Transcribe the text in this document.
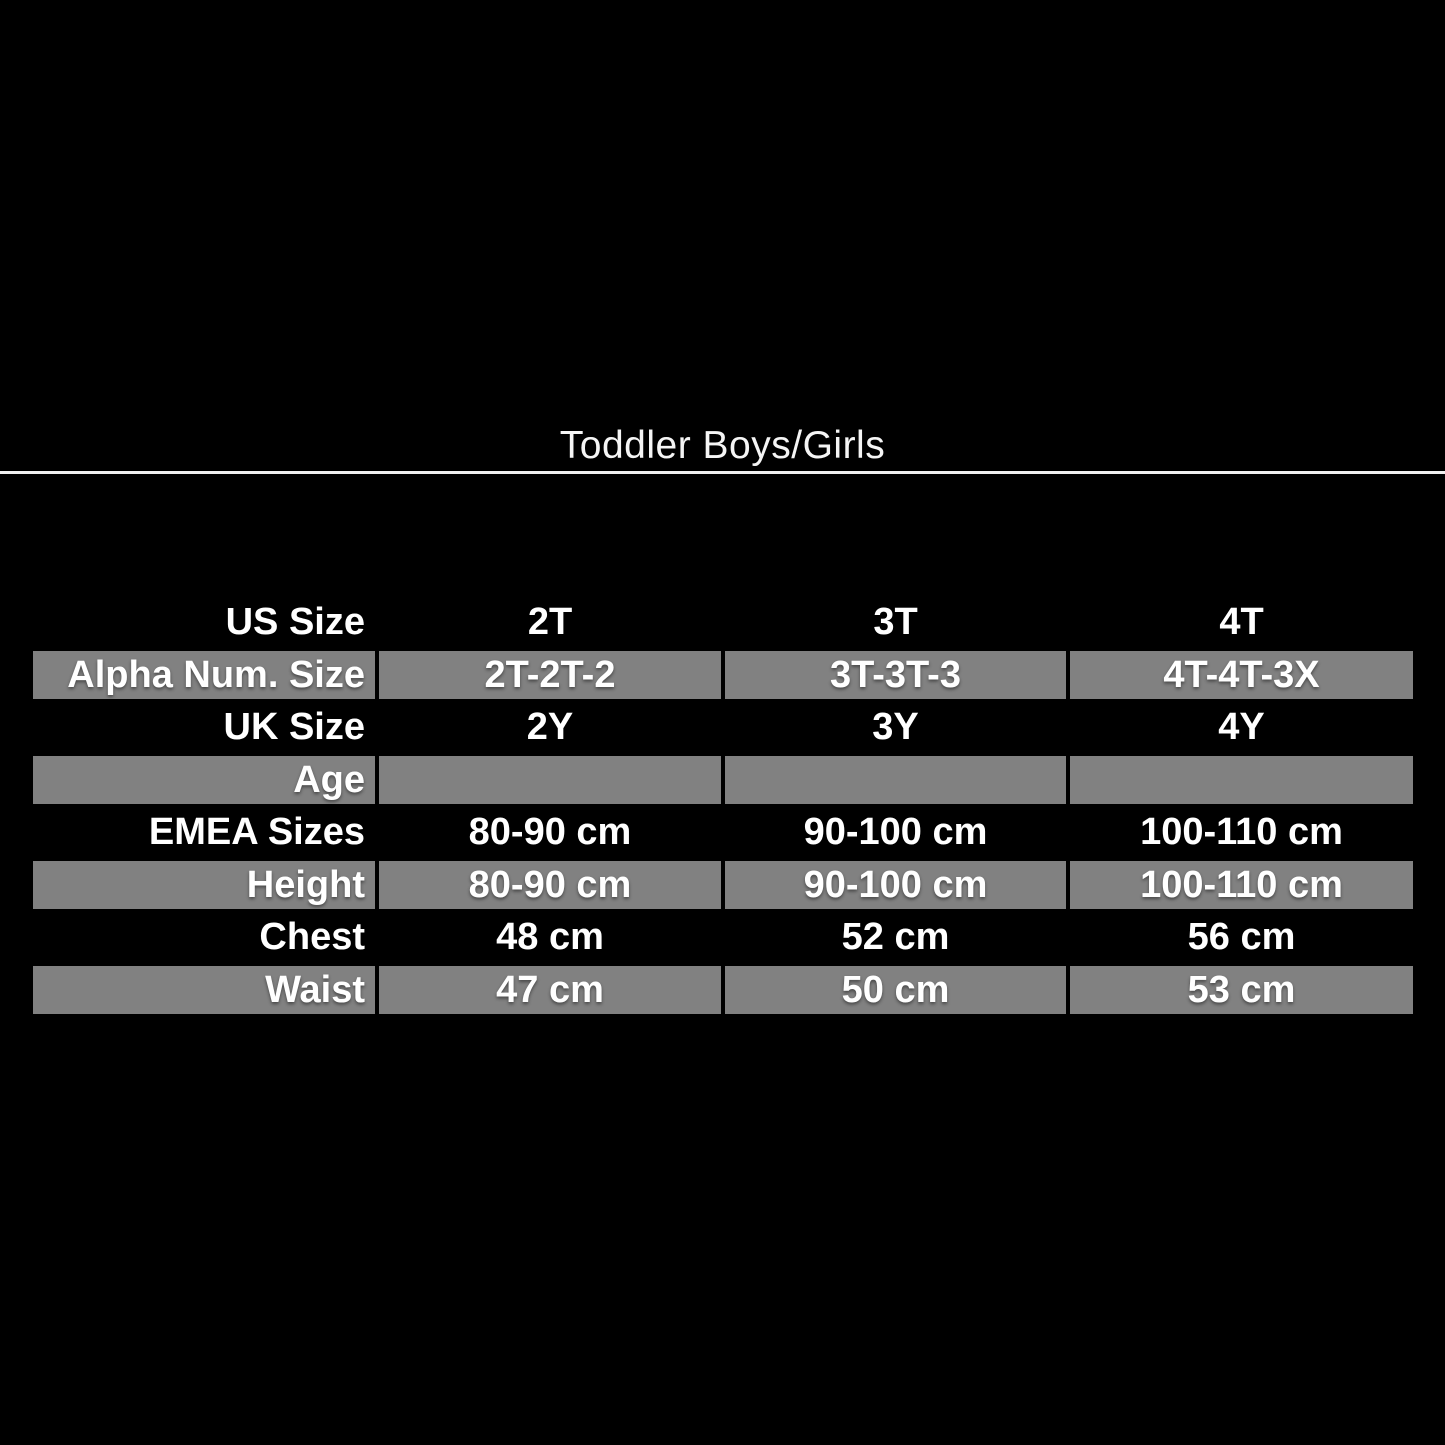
Toddler Boys/Girls
US Size	2T	3T	4T
Alpha Num. Size	2T-2T-2	3T-3T-3	4T-4T-3X
UK Size	2Y	3Y	4Y
Age
EMEA Sizes	80-90 cm	90-100 cm	100-110 cm
Height	80-90 cm	90-100 cm	100-110 cm
Chest	48 cm	52 cm	56 cm
Waist	47 cm	50 cm	53 cm
